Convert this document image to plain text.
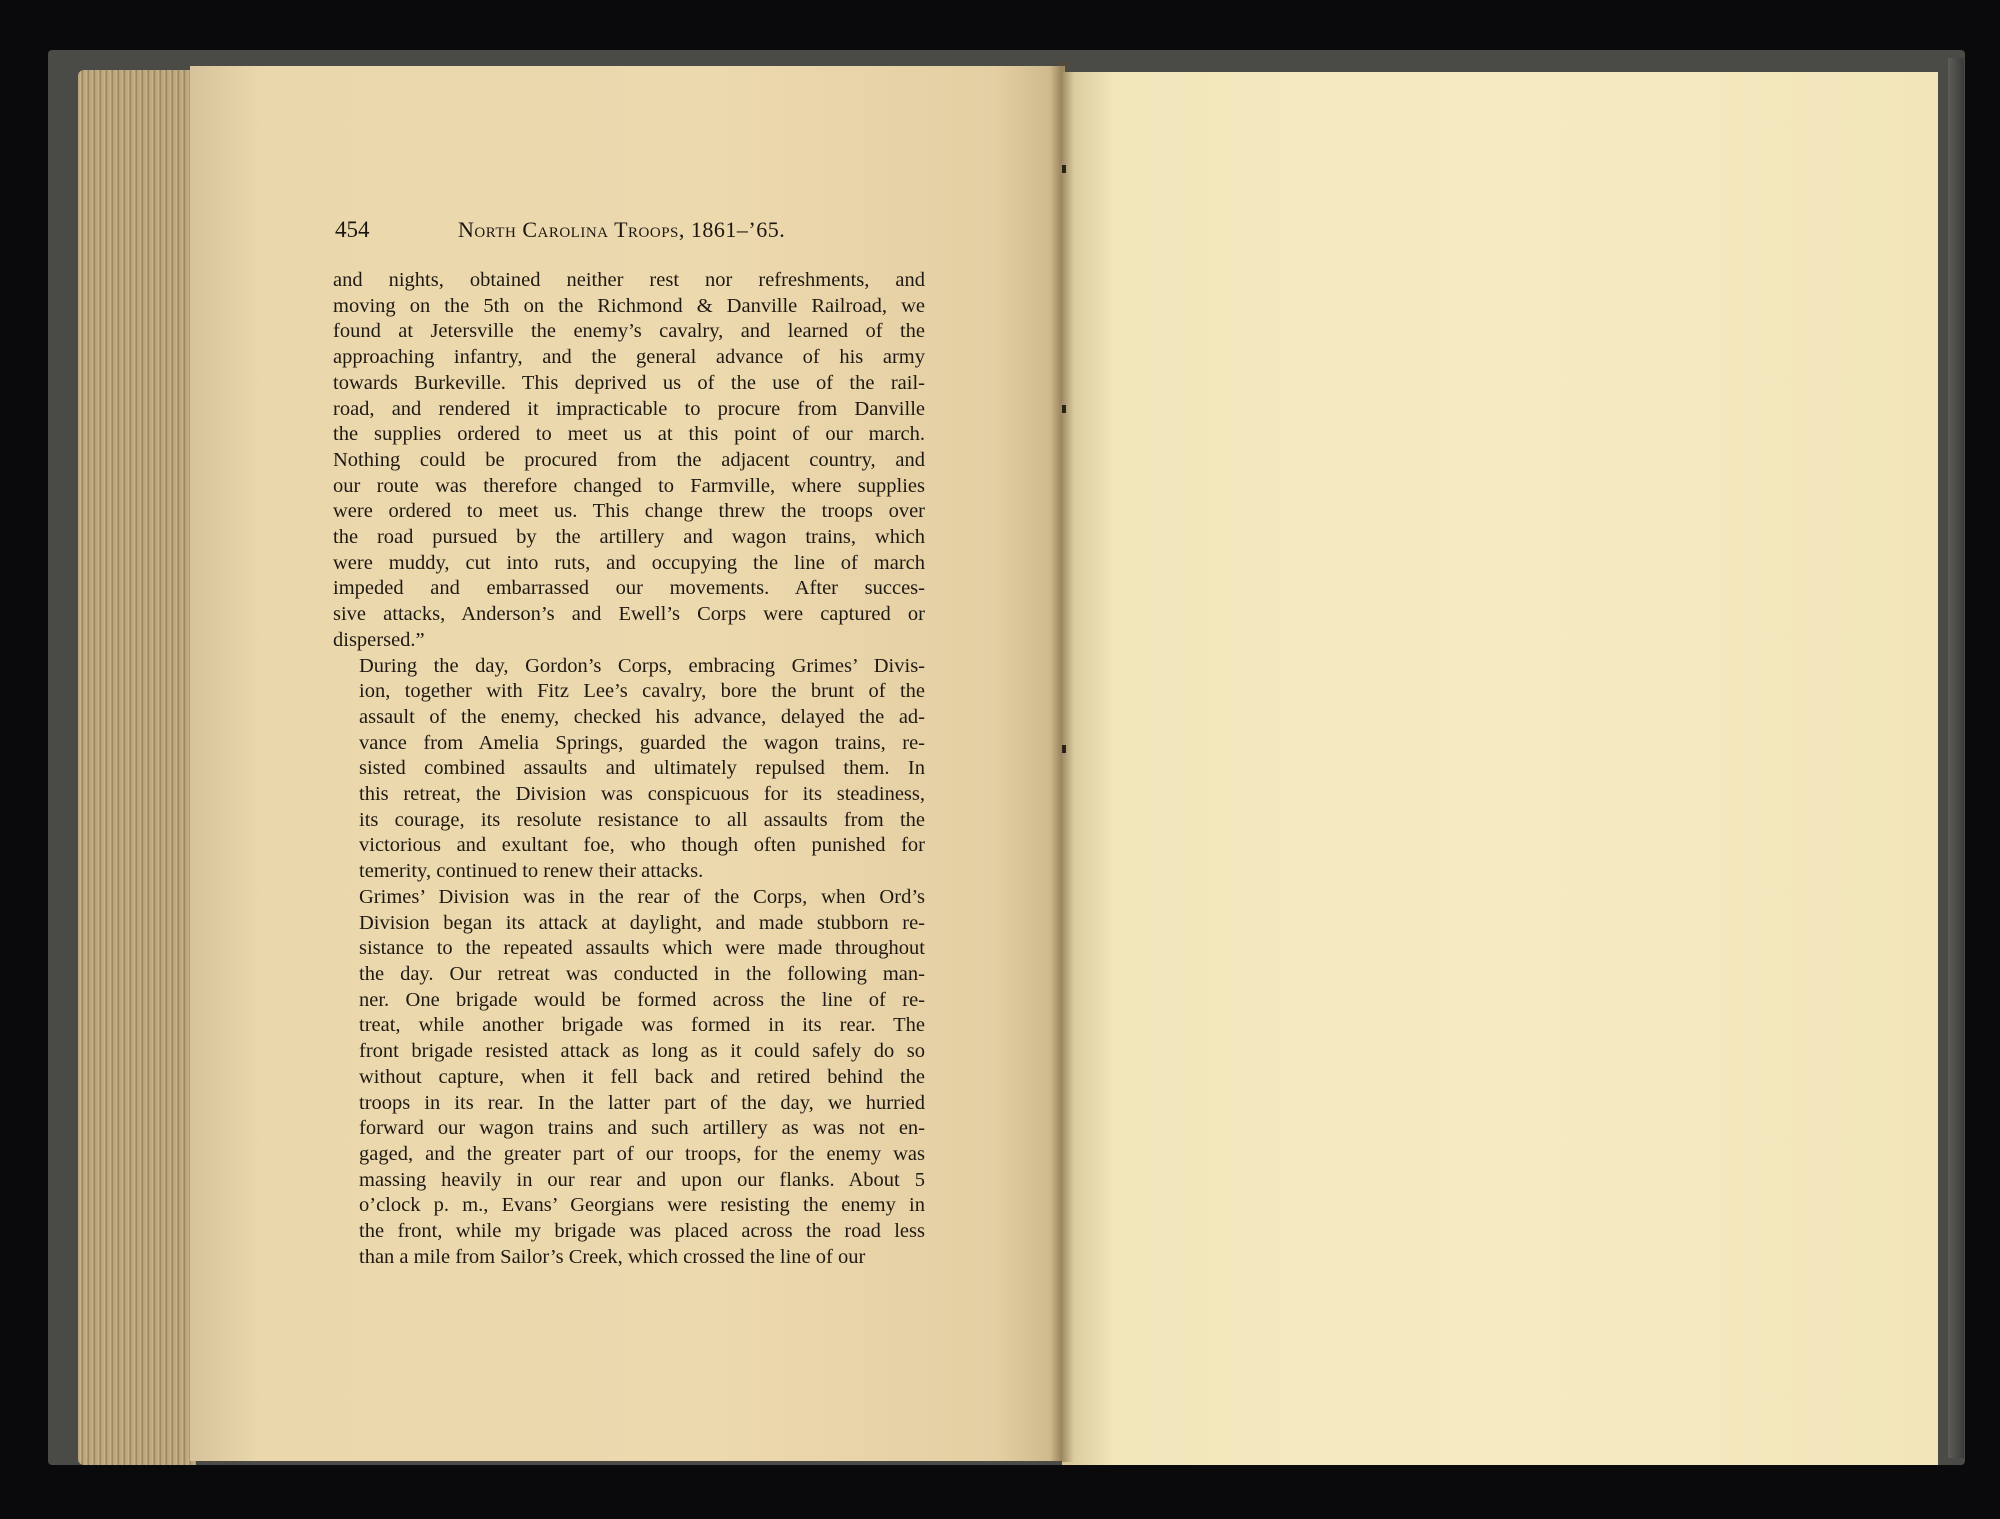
454	North Carolina Troops, 1861–’65.

and nights, obtained neither rest nor refreshments, and
moving on the 5th on the Richmond & Danville Railroad, we
found at Jetersville the enemy’s cavalry, and learned of the
approaching infantry, and the general advance of his army
towards Burkeville. This deprived us of the use of the rail-
road, and rendered it impracticable to procure from Danville
the supplies ordered to meet us at this point of our march.
Nothing could be procured from the adjacent country, and
our route was therefore changed to Farmville, where supplies
were ordered to meet us. This change threw the troops over
the road pursued by the artillery and wagon trains, which
were muddy, cut into ruts, and occupying the line of march
impeded and embarrassed our movements. After succes-
sive attacks, Anderson’s and Ewell’s Corps were captured or
dispersed.”

During the day, Gordon’s Corps, embracing Grimes’ Divis-
ion, together with Fitz Lee’s cavalry, bore the brunt of the
assault of the enemy, checked his advance, delayed the ad-
vance from Amelia Springs, guarded the wagon trains, re-
sisted combined assaults and ultimately repulsed them. In
this retreat, the Division was conspicuous for its steadiness,
its courage, its resolute resistance to all assaults from the
victorious and exultant foe, who though often punished for
temerity, continued to renew their attacks.

Grimes’ Division was in the rear of the Corps, when Ord’s
Division began its attack at daylight, and made stubborn re-
sistance to the repeated assaults which were made throughout
the day. Our retreat was conducted in the following man-
ner. One brigade would be formed across the line of re-
treat, while another brigade was formed in its rear. The
front brigade resisted attack as long as it could safely do so
without capture, when it fell back and retired behind the
troops in its rear. In the latter part of the day, we hurried
forward our wagon trains and such artillery as was not en-
gaged, and the greater part of our troops, for the enemy was
massing heavily in our rear and upon our flanks. About 5
o’clock p. m., Evans’ Georgians were resisting the enemy in
the front, while my brigade was placed across the road less
than a mile from Sailor’s Creek, which crossed the line of our
